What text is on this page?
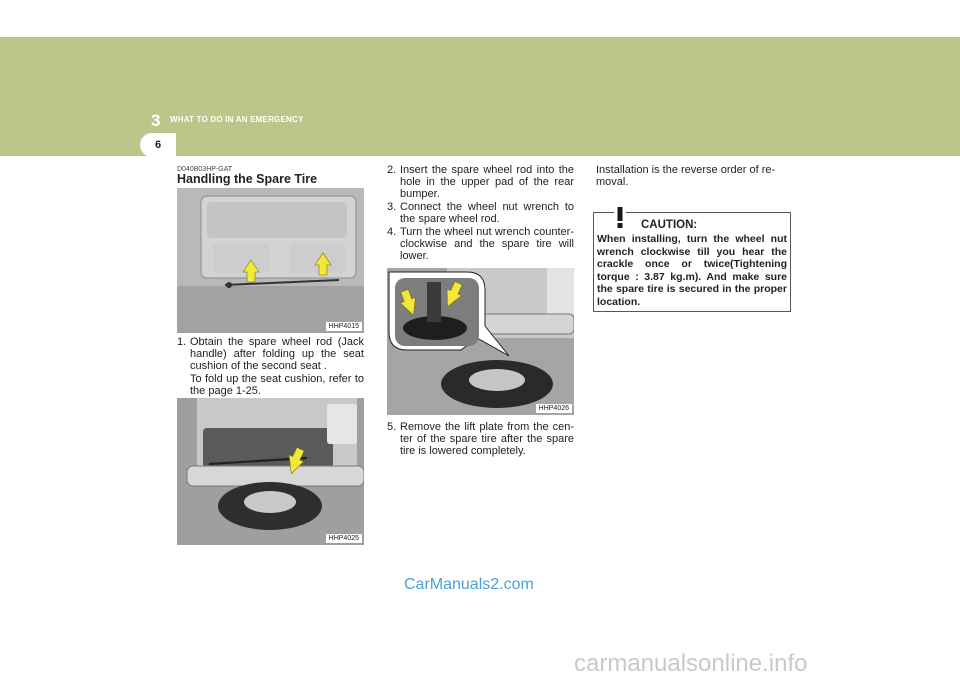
3 WHAT TO DO IN AN EMERGENCY
6
D040B03HP-GAT
Handling the Spare Tire
HHP4015
1. Obtain the spare wheel rod (Jack handle) after folding up the seat cushion of the second seat .
To fold up the seat cushion, refer to the page 1-25.
HHP4025
2. Insert the spare wheel rod into the hole in the upper pad of the rear bumper.
3. Connect the wheel nut wrench to the spare wheel rod.
4. Turn the wheel nut wrench counter-clockwise and the spare tire will lower.
HHP4026
5. Remove the lift plate from the cen-ter of the spare tire after the spare tire is lowered completely.
Installation is the reverse order of re-moval.
CAUTION:
When installing, turn the wheel nut wrench clockwise till you hear the crackle once or twice(Tightening torque : 3.87 kg.m). And make sure the spare tire is secured in the proper location.
CarManuals2.com
carmanualsonline.info
